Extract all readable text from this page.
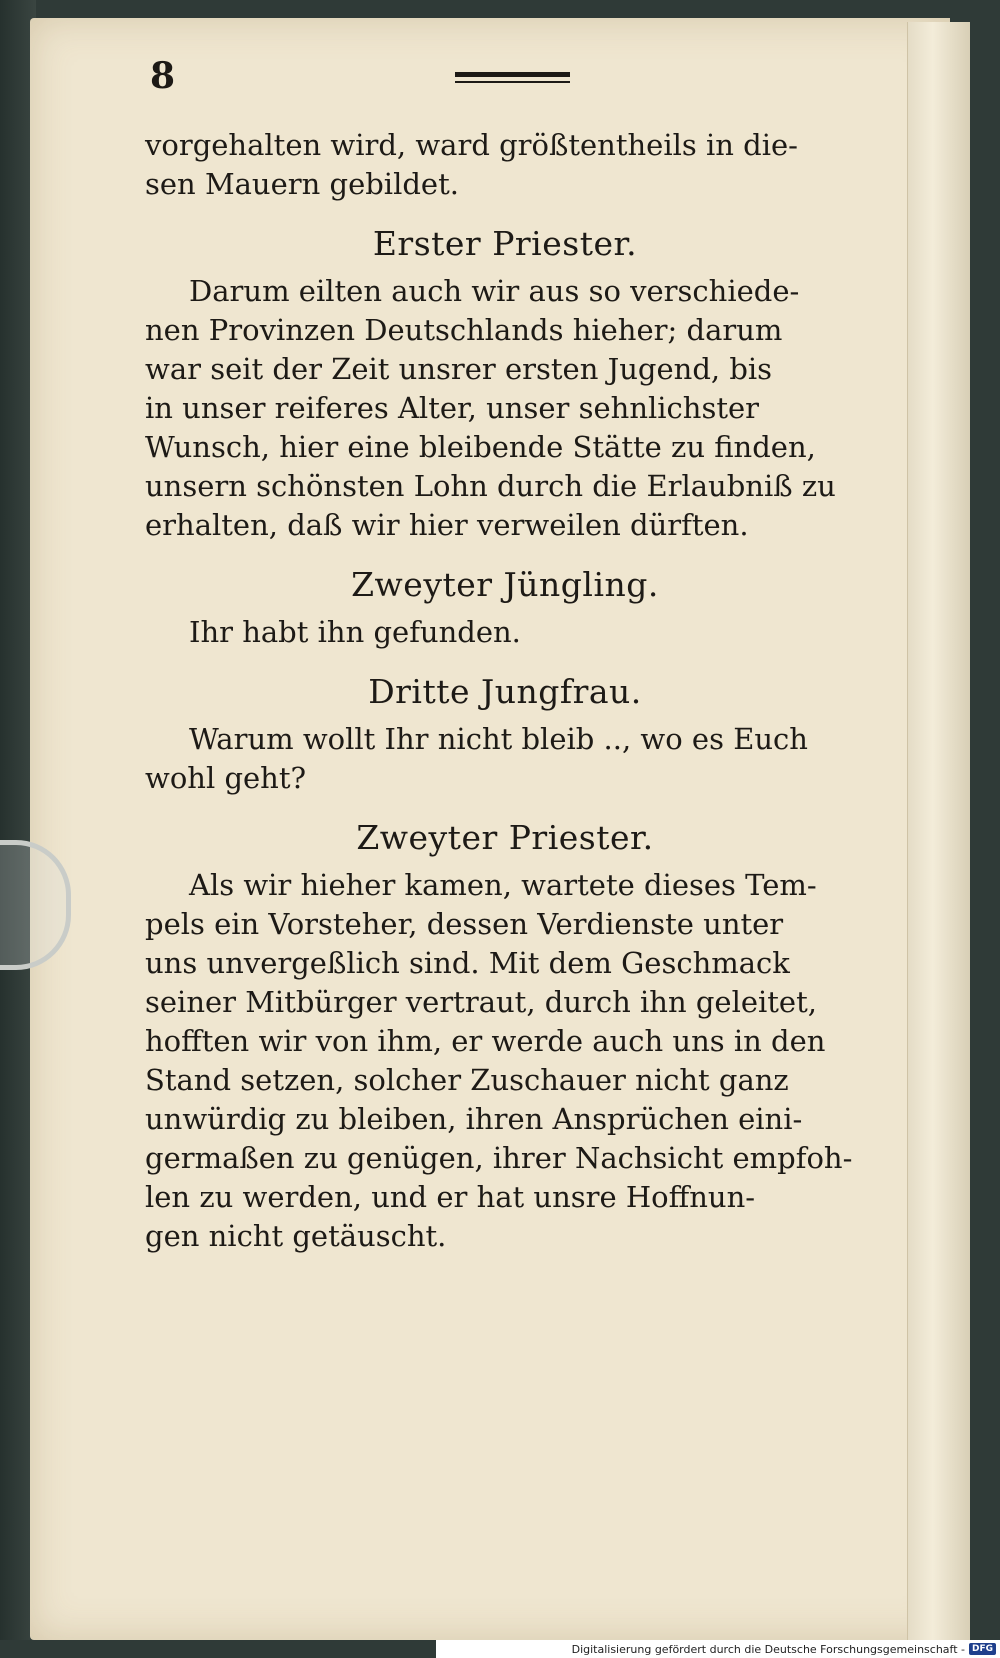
8

vorgehalten wird, ward größtentheils in die-
sen Mauern gebildet.

Erster Priester.

Darum eilten auch wir aus so verschiede-
nen Provinzen Deutschlands hieher; darum
war seit der Zeit unsrer ersten Jugend, bis
in unser reiferes Alter, unser sehnlichster
Wunsch, hier eine bleibende Stätte zu finden,
unsern schönsten Lohn durch die Erlaubniß zu
erhalten, daß wir hier verweilen dürften.

Zweyter Jüngling.

Ihr habt ihn gefunden.

Dritte Jungfrau.

Warum wollt Ihr nicht bleib .., wo es Euch
wohl geht?

Zweyter Priester.

Als wir hieher kamen, wartete dieses Tem-
pels ein Vorsteher, dessen Verdienste unter
uns unvergeßlich sind. Mit dem Geschmack
seiner Mitbürger vertraut, durch ihn geleitet,
hofften wir von ihm, er werde auch uns in den
Stand setzen, solcher Zuschauer nicht ganz
unwürdig zu bleiben, ihren Ansprüchen eini-
germaßen zu genügen, ihrer Nachsicht empfoh-
len zu werden, und er hat unsre Hoffnun-
gen nicht getäuscht.

Digitalisierung gefördert durch die Deutsche Forschungsgemeinschaft - DFG
